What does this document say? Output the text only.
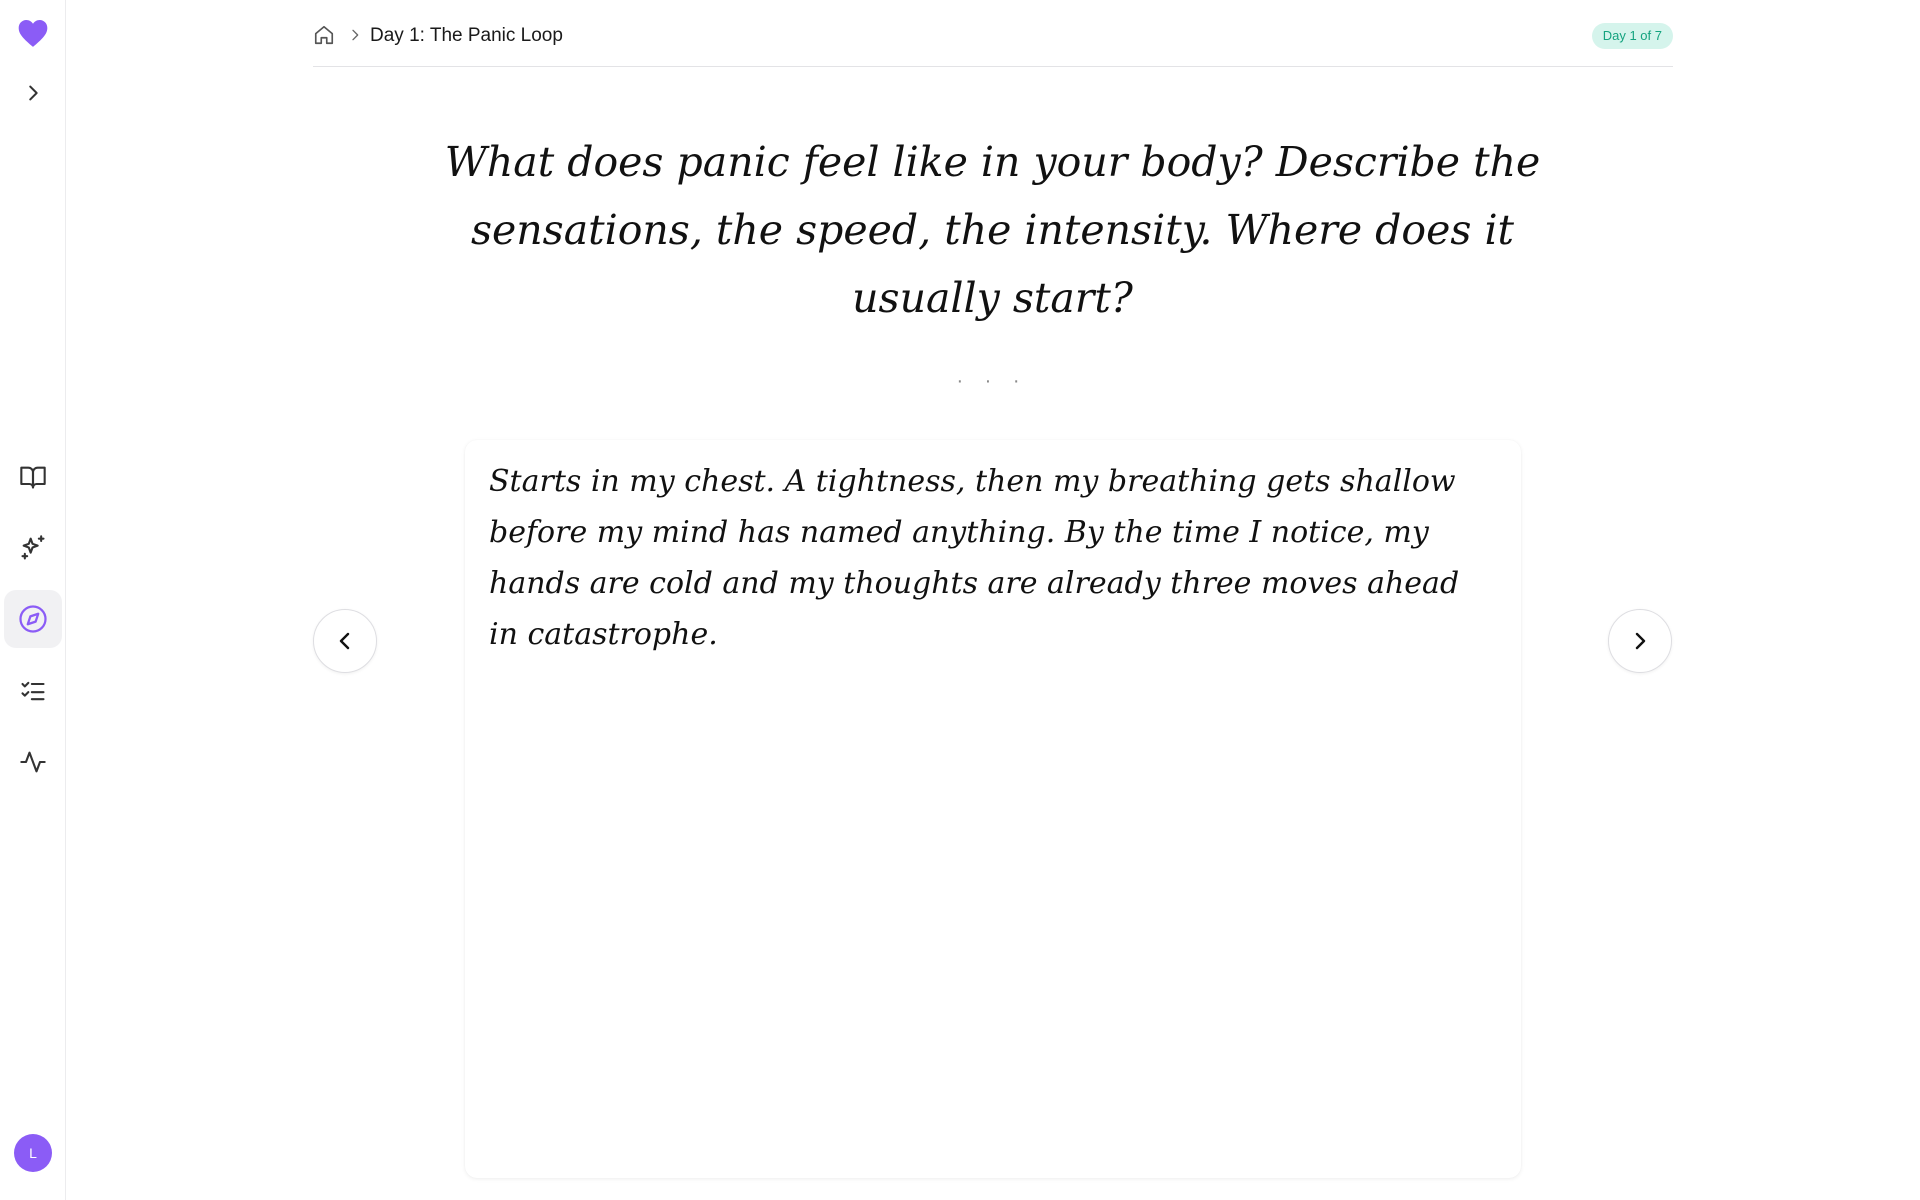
L
Day 1: The Panic Loop	Day 1 of 7
What does panic feel like in your body? Describe the sensations, the speed, the intensity. Where does it usually start?
· · ·

Starts in my chest. A tightness, then my breathing gets shallow before my mind has named anything. By the time I notice, my hands are cold and my thoughts are already three moves ahead in catastrophe.
